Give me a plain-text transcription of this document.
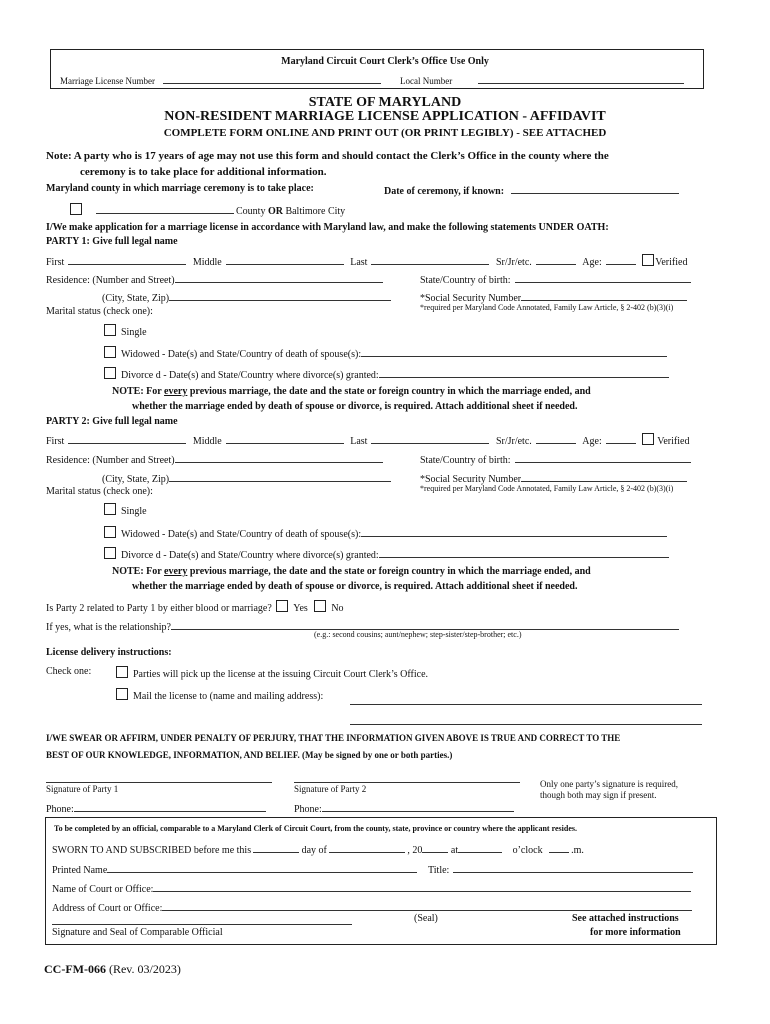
Maryland Circuit Court Clerk’s Office Use Only
Marriage License Number	Local Number
STATE OF MARYLAND
NON-RESIDENT MARRIAGE LICENSE APPLICATION - AFFIDAVIT
COMPLETE FORM ONLINE AND PRINT OUT (OR PRINT LEGIBLY) - SEE ATTACHED
Note: A party who is 17 years of age may not use this form and should contact the Clerk’s Office in the county where the
ceremony is to take place for additional information.
Maryland county in which marriage ceremony is to take place:	Date of ceremony, if known:
County OR Baltimore City
I/We make application for a marriage license in accordance with Maryland law, and make the following statements UNDER OATH:
PARTY 1: Give full legal name
First	Middle	Last	Sr/Jr/etc.	Age:	Verified
Residence: (Number and Street)	State/Country of birth:
(City, State, Zip)	*Social Security Number
*required per Maryland Code Annotated, Family Law Article, § 2-402 (b)(3)(i)
Marital status (check one):
Single
Widowed - Date(s) and State/Country of death of spouse(s):
Divorce d - Date(s) and State/Country where divorce(s) granted:
NOTE: For every previous marriage, the date and the state or foreign country in which the marriage ended, and
whether the marriage ended by death of spouse or divorce, is required. Attach additional sheet if needed.
PARTY 2: Give full legal name
First	Middle	Last	Sr/Jr/etc.	Age:	Verified
Residence: (Number and Street)	State/Country of birth:
(City, State, Zip)	*Social Security Number
*required per Maryland Code Annotated, Family Law Article, § 2-402 (b)(3)(i)
Marital status (check one):
Single
Widowed - Date(s) and State/Country of death of spouse(s):
Divorce d - Date(s) and State/Country where divorce(s) granted:
NOTE: For every previous marriage, the date and the state or foreign country in which the marriage ended, and
whether the marriage ended by death of spouse or divorce, is required. Attach additional sheet if needed.
Is Party 2 related to Party 1 by either blood or marriage? Yes No
If yes, what is the relationship?
(e.g.: second cousins; aunt/nephew; step-sister/step-brother; etc.)
License delivery instructions:
Check one:	Parties will pick up the license at the issuing Circuit Court Clerk’s Office.
Mail the license to (name and mailing address):
I/WE SWEAR OR AFFIRM, UNDER PENALTY OF PERJURY, THAT THE INFORMATION GIVEN ABOVE IS TRUE AND CORRECT TO THE
BEST OF OUR KNOWLEDGE, INFORMATION, AND BELIEF. (May be signed by one or both parties.)
Signature of Party 1
Phone:
Signature of Party 2
Phone:
Only one party’s signature is required,
though both may sign if present.
To be completed by an official, comparable to a Maryland Clerk of Circuit Court, from the county, state, province or country where the applicant resides.
SWORN TO AND SUBSCRIBED before me this	day of	, 20	at	o’clock	.m.
Printed Name	Title:
Name of Court or Office:
Address of Court or Office:
(Seal)
Signature and Seal of Comparable Official
See attached instructions
for more information
CC-FM-066 (Rev. 03/2023)
